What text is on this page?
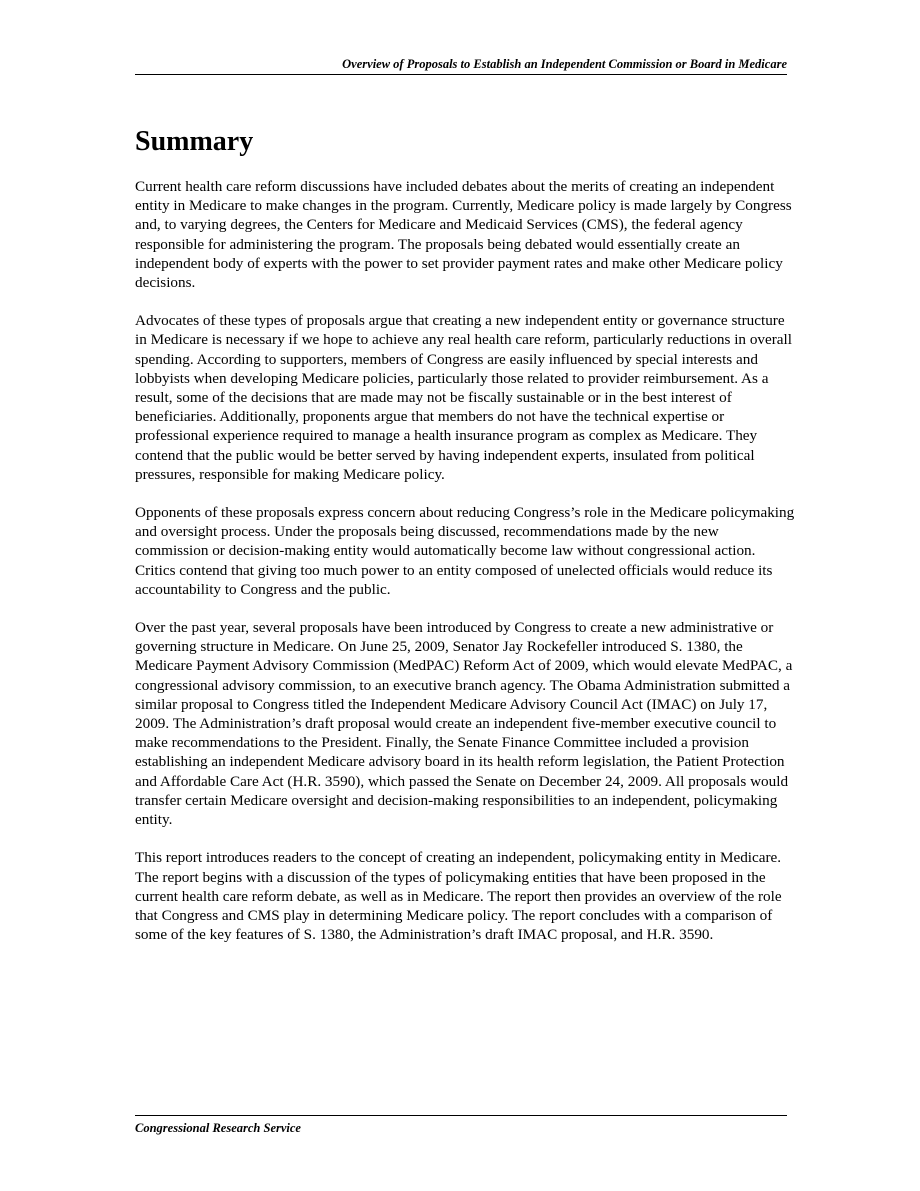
Overview of Proposals to Establish an Independent Commission or Board in Medicare
Summary

Current health care reform discussions have included debates about the merits of creating an independent entity in Medicare to make changes in the program. Currently, Medicare policy is made largely by Congress and, to varying degrees, the Centers for Medicare and Medicaid Services (CMS), the federal agency responsible for administering the program. The proposals being debated would essentially create an independent body of experts with the power to set provider payment rates and make other Medicare policy decisions.

Advocates of these types of proposals argue that creating a new independent entity or governance structure in Medicare is necessary if we hope to achieve any real health care reform, particularly reductions in overall spending. According to supporters, members of Congress are easily influenced by special interests and lobbyists when developing Medicare policies, particularly those related to provider reimbursement. As a result, some of the decisions that are made may not be fiscally sustainable or in the best interest of beneficiaries. Additionally, proponents argue that members do not have the technical expertise or professional experience required to manage a health insurance program as complex as Medicare. They contend that the public would be better served by having independent experts, insulated from political pressures, responsible for making Medicare policy.

Opponents of these proposals express concern about reducing Congress’s role in the Medicare policymaking and oversight process. Under the proposals being discussed, recommendations made by the new commission or decision-making entity would automatically become law without congressional action. Critics contend that giving too much power to an entity composed of unelected officials would reduce its accountability to Congress and the public.

Over the past year, several proposals have been introduced by Congress to create a new administrative or governing structure in Medicare. On June 25, 2009, Senator Jay Rockefeller introduced S. 1380, the Medicare Payment Advisory Commission (MedPAC) Reform Act of 2009, which would elevate MedPAC, a congressional advisory commission, to an executive branch agency. The Obama Administration submitted a similar proposal to Congress titled the Independent Medicare Advisory Council Act (IMAC) on July 17, 2009. The Administration’s draft proposal would create an independent five-member executive council to make recommendations to the President. Finally, the Senate Finance Committee included a provision establishing an independent Medicare advisory board in its health reform legislation, the Patient Protection and Affordable Care Act (H.R. 3590), which passed the Senate on December 24, 2009. All proposals would transfer certain Medicare oversight and decision-making responsibilities to an independent, policymaking entity.

This report introduces readers to the concept of creating an independent, policymaking entity in Medicare. The report begins with a discussion of the types of policymaking entities that have been proposed in the current health care reform debate, as well as in Medicare. The report then provides an overview of the role that Congress and CMS play in determining Medicare policy. The report concludes with a comparison of some of the key features of S. 1380, the Administration’s draft IMAC proposal, and H.R. 3590.

Congressional Research Service
